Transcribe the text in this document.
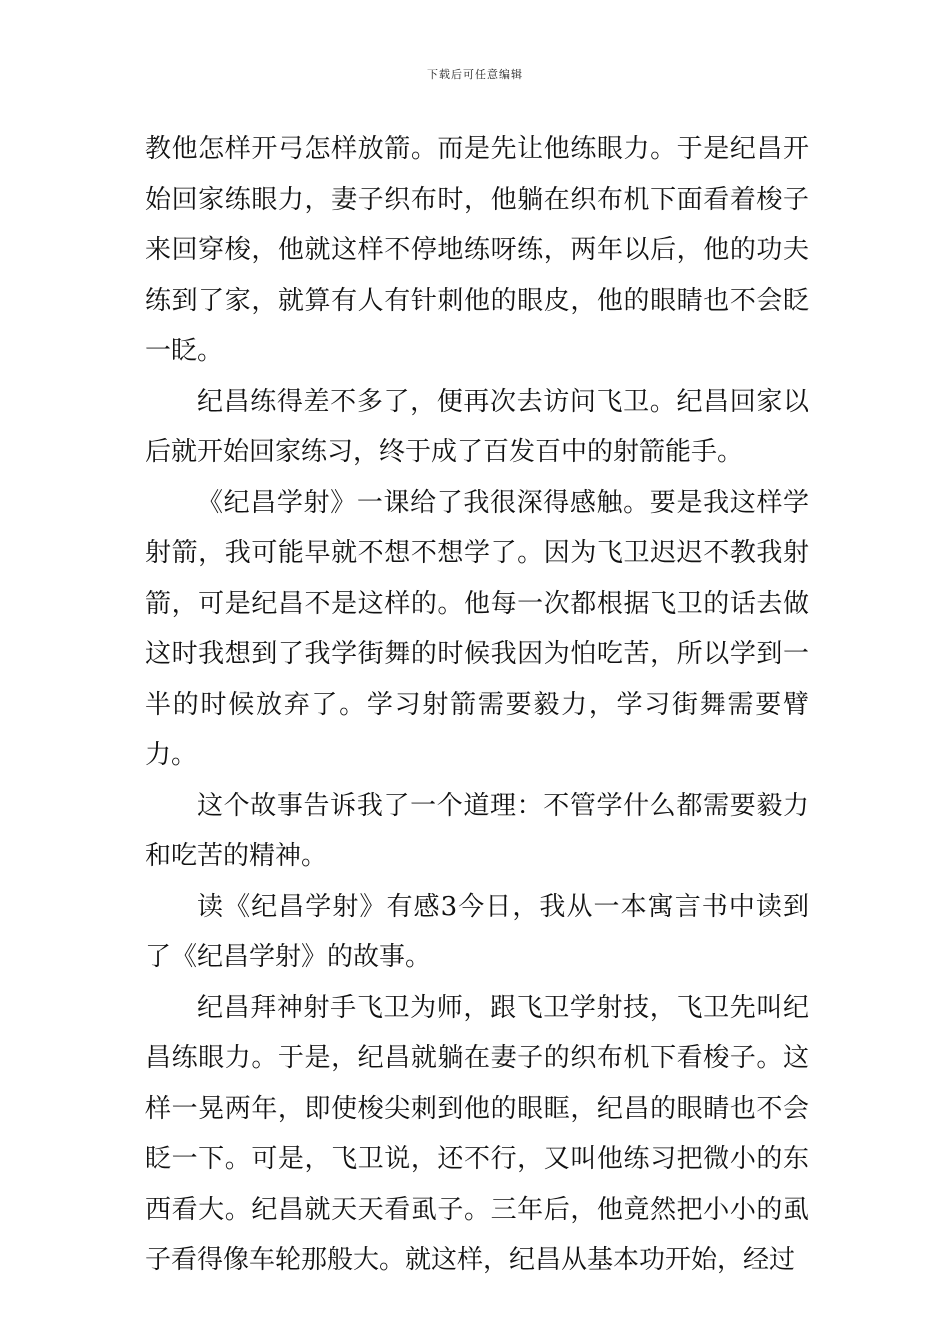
下载后可任意编辑

教他怎样开弓怎样放箭。而是先让他练眼力。于是纪昌开始回家练眼力，妻子织布时，他躺在织布机下面看着梭子来回穿梭，他就这样不停地练呀练，两年以后，他的功夫练到了家，就算有人有针刺他的眼皮，他的眼睛也不会眨一眨。

纪昌练得差不多了，便再次去访问飞卫。纪昌回家以后就开始回家练习，终于成了百发百中的射箭能手。

《纪昌学射》一课给了我很深得感触。要是我这样学射箭，我可能早就不想不想学了。因为飞卫迟迟不教我射箭，可是纪昌不是这样的。他每一次都根据飞卫的话去做这时我想到了我学街舞的时候我因为怕吃苦，所以学到一半的时候放弃了。学习射箭需要毅力，学习街舞需要臂力。

这个故事告诉我了一个道理：不管学什么都需要毅力和吃苦的精神。

读《纪昌学射》有感3今日，我从一本寓言书中读到了《纪昌学射》的故事。

纪昌拜神射手飞卫为师，跟飞卫学射技，飞卫先叫纪昌练眼力。于是，纪昌就躺在妻子的织布机下看梭子。这样一晃两年，即使梭尖刺到他的眼眶，纪昌的眼睛也不会眨一下。可是，飞卫说，还不行，又叫他练习把微小的东西看大。纪昌就天天看虱子。三年后，他竟然把小小的虱子看得像车轮那般大。就这样，纪昌从基本功开始，经过
